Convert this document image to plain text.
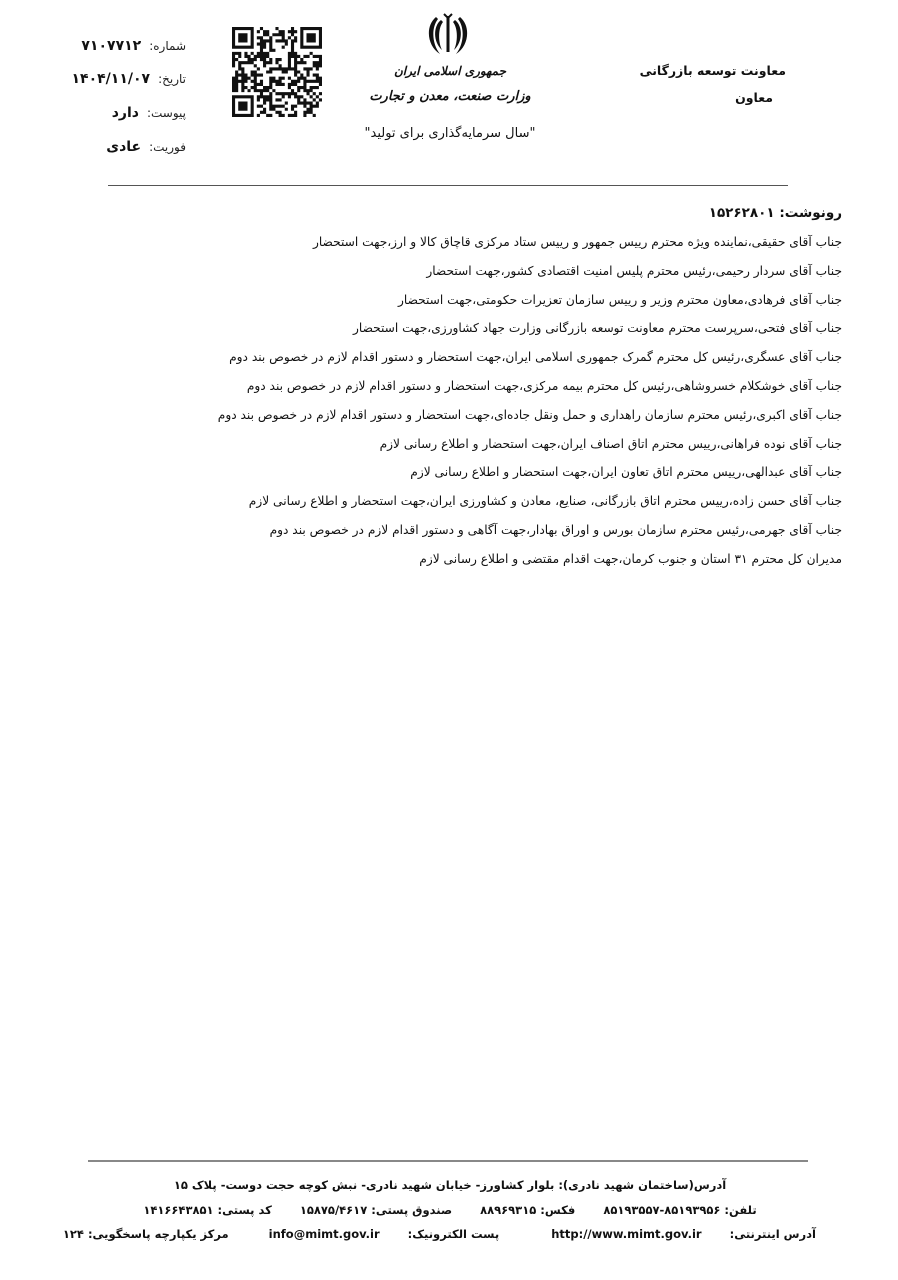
شماره:
۷۱۰۷۷۱۲
تاریخ:
۱۴۰۴/۱۱/۰۷
پیوست:
دارد
فوریت:
عادی
جمهوری اسلامی ایران
وزارت صنعت، معدن و تجارت
"سال سرمایه‌گذاری برای تولید"
معاونت توسعه بازرگانی
معاون
رونوشت: ۱۵۲۶۲۸۰۱
جناب آقای حقیقی،نماینده ویژه محترم رییس جمهور و رییس ستاد مرکزی قاچاق کالا و ارز،جهت استحضار
جناب آقای سردار رحیمی،رئیس محترم پلیس امنیت اقتصادی کشور،جهت استحضار
جناب آقای فرهادی،معاون محترم وزیر و رییس سازمان تعزیرات حکومتی،جهت استحضار
جناب آقای فتحی،سرپرست محترم معاونت توسعه بازرگانی وزارت جهاد کشاورزی،جهت استحضار
جناب آقای عسگری،رئیس کل محترم گمرک جمهوری اسلامی ایران،جهت استحضار و دستور اقدام لازم در خصوص بند دوم
جناب آقای خوشکلام خسروشاهی،رئیس کل محترم بیمه مرکزی،جهت استحضار و دستور اقدام لازم در خصوص بند دوم
جناب آقای اکبری،رئیس محترم سازمان راهداری و حمل ونقل جاده‌ای،جهت استحضار و دستور اقدام لازم در خصوص بند دوم
جناب آقای نوده فراهانی،رییس محترم اتاق اصناف ایران،جهت استحضار و اطلاع رسانی لازم
جناب آقای عبدالهی،رییس محترم اتاق تعاون ایران،جهت استحضار و اطلاع رسانی لازم
جناب آقای حسن زاده،رییس محترم اتاق بازرگانی، صنایع، معادن و کشاورزی ایران،جهت استحضار و اطلاع رسانی لازم
جناب آقای جهرمی،رئیس محترم سازمان بورس و اوراق بهادار،جهت آگاهی و دستور اقدام لازم در خصوص بند دوم
مدیران کل محترم ۳۱ استان و جنوب کرمان،جهت اقدام مقتضی و اطلاع رسانی لازم
آدرس(ساختمان شهید نادری): بلوار کشاورز- خیابان شهید نادری- نبش کوچه حجت دوست- پلاک ۱۵
تلفن: ۸۵۱۹۳۹۵۶-۸۵۱۹۳۵۵۷ فکس: ۸۸۹۶۹۳۱۵ صندوق پستی: ۱۵۸۷۵/۴۶۱۷ کد پستی: ۱۴۱۶۶۴۳۸۵۱
آدرس اینترنتی: http://www.mimt.gov.ir پست الکترونیک: info@mimt.gov.ir مرکز یکپارچه پاسخگویی: ۱۲۴
